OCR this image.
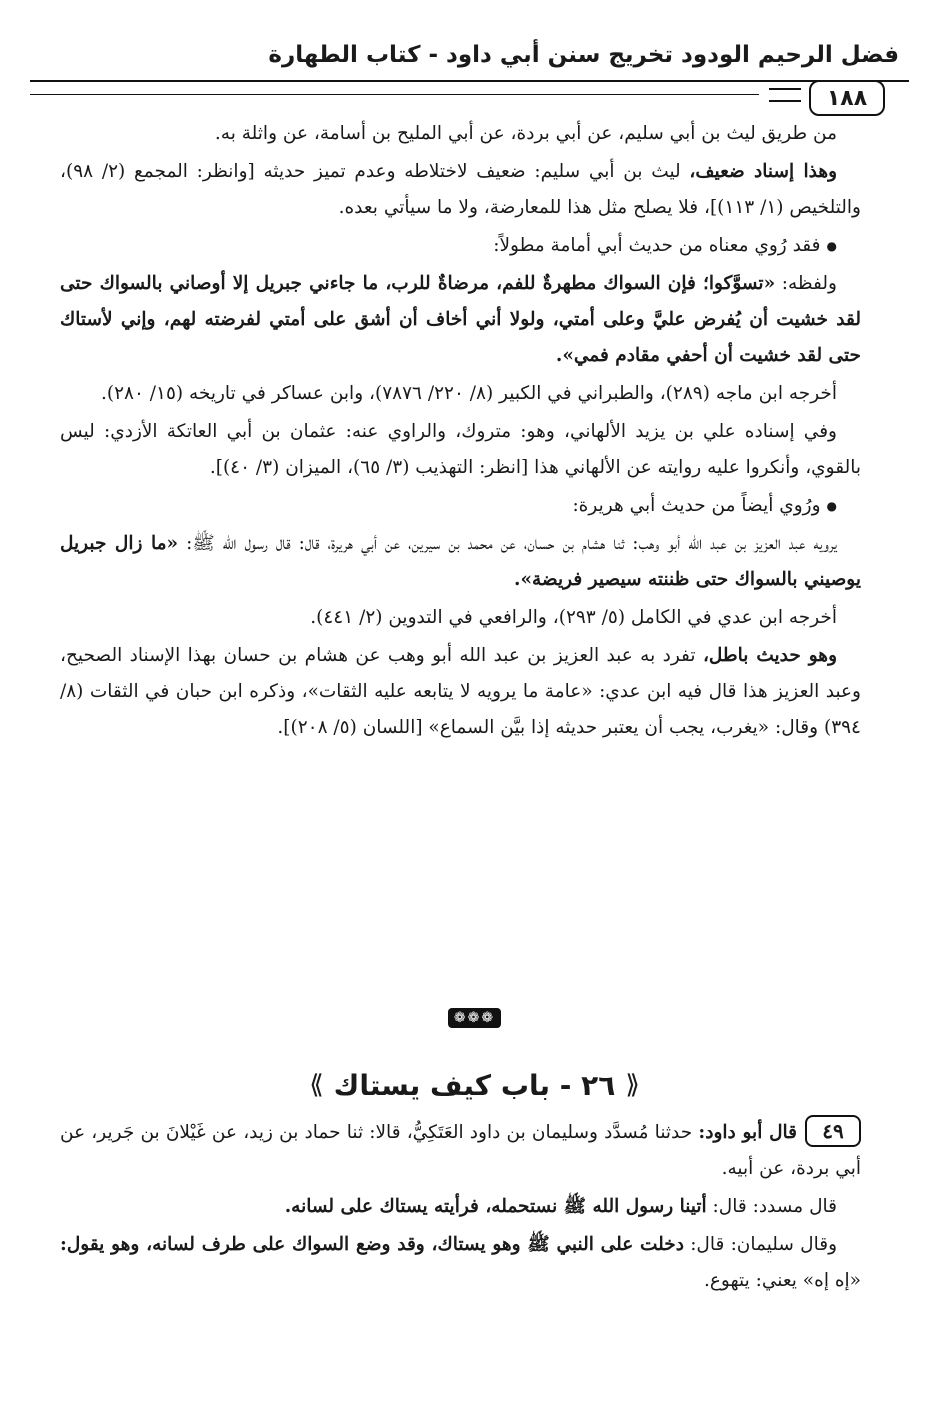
فضل الرحيم الودود تخريج سنن أبي داود - كتاب الطهارة
١٨٨

من طريق ليث بن أبي سليم، عن أبي بردة، عن أبي المليح بن أسامة، عن واثلة به.

وهذا إسناد ضعيف، ليث بن أبي سليم: ضعيف لاختلاطه وعدم تميز حديثه [وانظر: المجمع (٢/ ٩٨)، والتلخيص (١/ ١١٣)]، فلا يصلح مثل هذا للمعارضة، ولا ما سيأتي بعده.

●فقد رُوي معناه من حديث أبي أمامة مطولاً:

ولفظه: «تسوَّكوا؛ فإن السواك مطهرةٌ للفم، مرضاةٌ للرب، ما جاءني جبريل إلا أوصاني بالسواك حتى لقد خشيت أن يُفرض عليَّ وعلى أمتي، ولولا أني أخاف أن أشق على أمتي لفرضته لهم، وإني لأستاك حتى لقد خشيت أن أحفي مقادم فمي».

أخرجه ابن ماجه (٢٨٩)، والطبراني في الكبير (٨/ ٢٢٠/ ٧٨٧٦)، وابن عساكر في تاريخه (١٥/ ٢٨٠).

وفي إسناده علي بن يزيد الألهاني، وهو: متروك، والراوي عنه: عثمان بن أبي العاتكة الأزدي: ليس بالقوي، وأنكروا عليه روايته عن الألهاني هذا [انظر: التهذيب (٣/ ٦٥)، الميزان (٣/ ٤٠)].

●ورُوي أيضاً من حديث أبي هريرة:

يرويه عبد العزيز بن عبد الله أبو وهب: ثنا هشام بن حسان، عن محمد بن سيرين، عن أبي هريرة، قال: قال رسول الله ﷺ: «ما زال جبريل يوصيني بالسواك حتى ظننته سيصير فريضة».

أخرجه ابن عدي في الكامل (٥/ ٢٩٣)، والرافعي في التدوين (٢/ ٤٤١).

وهو حديث باطل، تفرد به عبد العزيز بن عبد الله أبو وهب عن هشام بن حسان بهذا الإسناد الصحيح، وعبد العزيز هذا قال فيه ابن عدي: «عامة ما يرويه لا يتابعه عليه الثقات»، وذكره ابن حبان في الثقات (٨/ ٣٩٤) وقال: «يغرب، يجب أن يعتبر حديثه إذا بيَّن السماع» [اللسان (٥/ ٢٠٨)].

❁❁❁
⟪
٢٦ - باب كيف يستاك
⟫

٤٩قال أبو داود: حدثنا مُسدَّد وسليمان بن داود العَتَكِيُّ، قالا: ثنا حماد بن زيد، عن غَيْلانَ بن جَرير، عن أبي بردة، عن أبيه.

قال مسدد: قال: أتينا رسول الله ﷺ نستحمله، فرأيته يستاك على لسانه.

وقال سليمان: قال: دخلت على النبي ﷺ وهو يستاك، وقد وضع السواك على طرف لسانه، وهو يقول: «إه إه» يعني: يتهوع.
